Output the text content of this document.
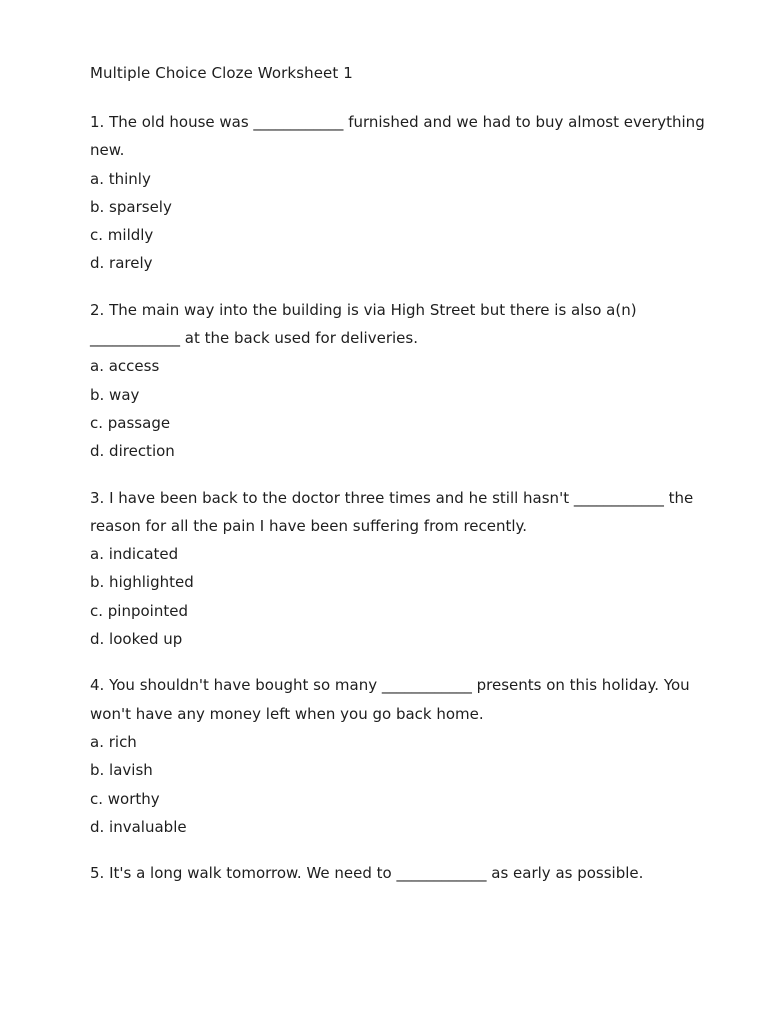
Multiple Choice Cloze Worksheet 1

1. The old house was ____________ furnished and we had to buy almost everything new.

a. thinly
b. sparsely
c. mildly
d. rarely

2. The main way into the building is via High Street but there is also a(n) ____________ at the back used for deliveries.

a. access
b. way
c. passage
d. direction

3. I have been back to the doctor three times and he still hasn't ____________ the reason for all the pain I have been suffering from recently.

a. indicated
b. highlighted
c. pinpointed
d. looked up

4. You shouldn't have bought so many ____________ presents on this holiday. You won't have any money left when you go back home.

a. rich
b. lavish
c. worthy
d. invaluable

5. It's a long walk tomorrow. We need to ____________ as early as possible.
